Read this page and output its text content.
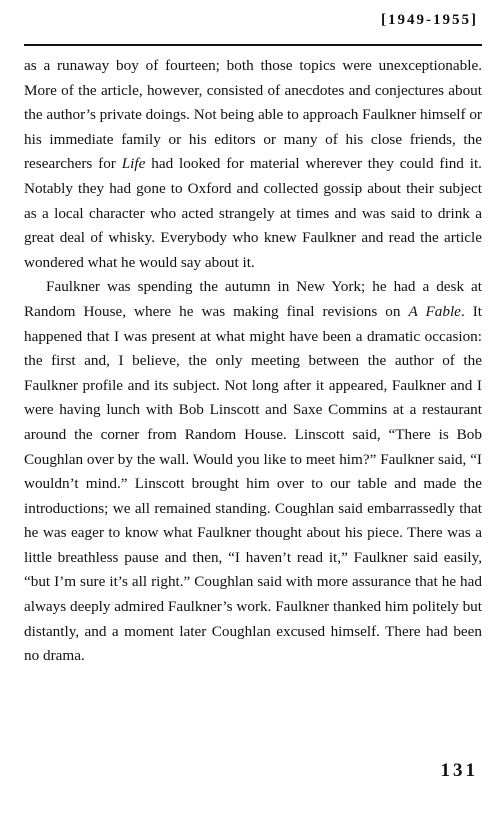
[1949-1955]

as a runaway boy of fourteen; both those topics were unexceptionable. More of the article, however, consisted of anecdotes and conjectures about the author’s private doings. Not being able to approach Faulkner himself or his immediate family or his editors or many of his close friends, the researchers for Life had looked for material wherever they could find it. Notably they had gone to Oxford and collected gossip about their subject as a local character who acted strangely at times and was said to drink a great deal of whisky. Everybody who knew Faulkner and read the article wondered what he would say about it.

Faulkner was spending the autumn in New York; he had a desk at Random House, where he was making final revisions on A Fable. It happened that I was present at what might have been a dramatic occasion: the first and, I believe, the only meeting between the author of the Faulkner profile and its subject. Not long after it appeared, Faulkner and I were having lunch with Bob Linscott and Saxe Commins at a restaurant around the corner from Random House. Linscott said, “There is Bob Coughlan over by the wall. Would you like to meet him?” Faulkner said, “I wouldn’t mind.” Linscott brought him over to our table and made the introductions; we all remained standing. Coughlan said embarrassedly that he was eager to know what Faulkner thought about his piece. There was a little breathless pause and then, “I haven’t read it,” Faulkner said easily, “but I’m sure it’s all right.” Coughlan said with more assurance that he had always deeply admired Faulkner’s work. Faulkner thanked him politely but distantly, and a moment later Coughlan excused himself. There had been no drama.

131
